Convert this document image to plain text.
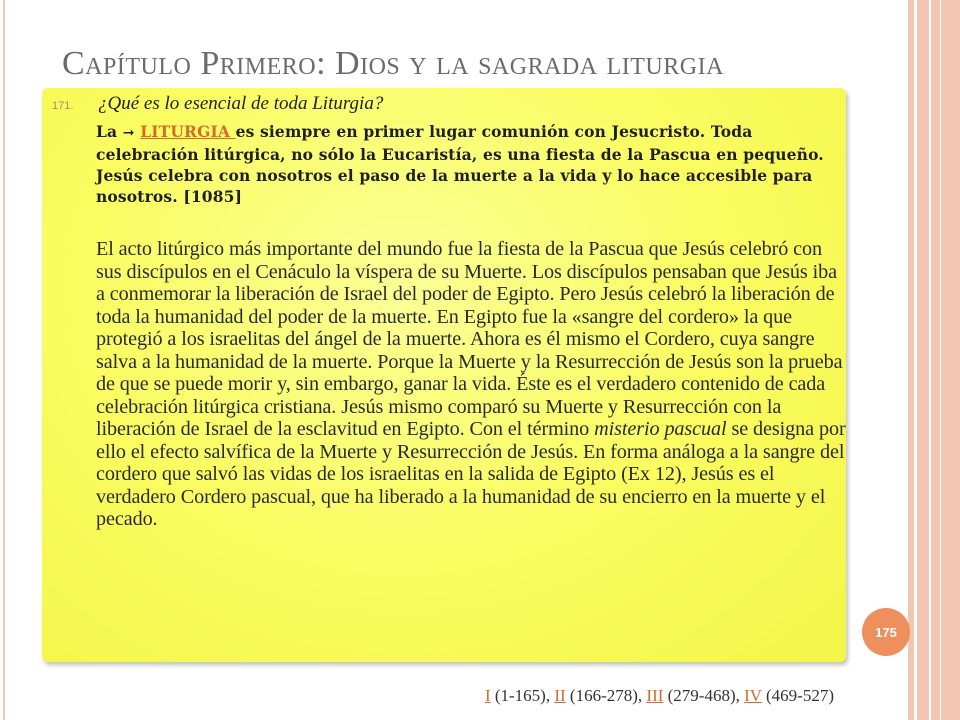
Capítulo Primero: Dios y la sagrada liturgia
171. ¿Qué es lo esencial de toda Liturgia?

La ➞ LITURGIA es siempre en primer lugar comunión con Jesucristo. Toda celebración litúrgica, no sólo la Eucaristía, es una fiesta de la Pascua en pequeño. Jesús celebra con nosotros el paso de la muerte a la vida y lo hace accesible para nosotros. [1085]

El acto litúrgico más importante del mundo fue la fiesta de la Pascua que Jesús celebró con sus discípulos en el Cenáculo la víspera de su Muerte. Los discípulos pensaban que Jesús iba a conmemorar la liberación de Israel del poder de Egipto. Pero Jesús celebró la liberación de toda la humanidad del poder de la muerte. En Egipto fue la «sangre del cordero» la que protegió a los israelitas del ángel de la muerte. Ahora es él mismo el Cordero, cuya sangre salva a la humanidad de la muerte. Porque la Muerte y la Resurrección de Jesús son la prueba de que se puede morir y, sin embargo, ganar la vida. Éste es el verdadero contenido de cada celebración litúrgica cristiana. Jesús mismo comparó su Muerte y Resurrección con la liberación de Israel de la esclavitud en Egipto. Con el término misterio pascual se designa por ello el efecto salvífica de la Muerte y Resurrección de Jesús. En forma análoga a la sangre del cordero que salvó las vidas de los israelitas en la salida de Egipto (Ex 12), Jesús es el verdadero Cordero pascual, que ha liberado a la humanidad de su encierro en la muerte y el pecado.

175
I (1-165), II (166-278), III (279-468), IV (469-527)
